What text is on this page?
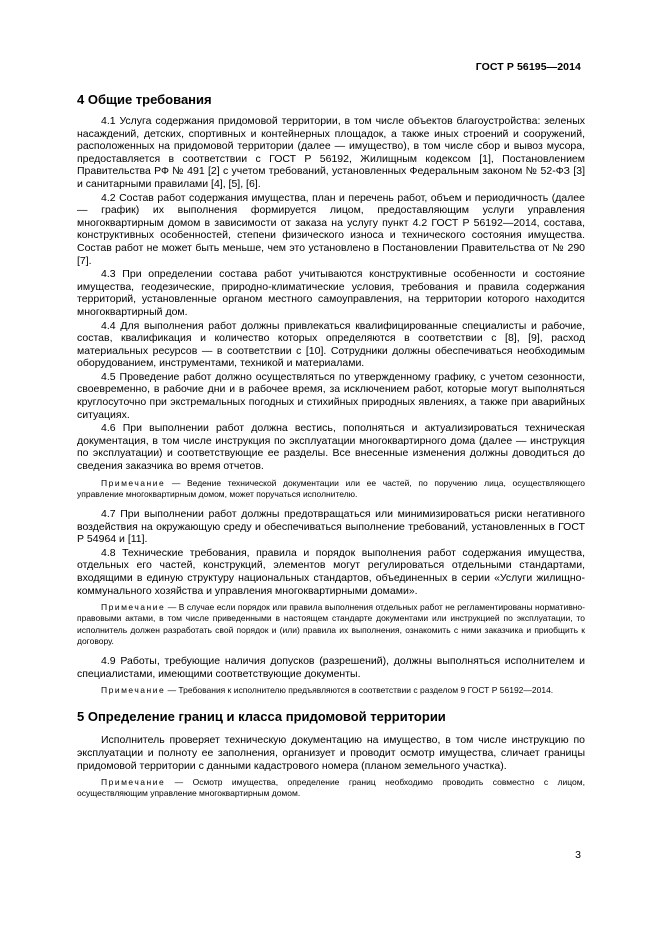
ГОСТ Р 56195—2014
4 Общие требования

4.1 Услуга содержания придомовой территории, в том числе объектов благоустройства: зеленых насаждений, детских, спортивных и контейнерных площадок, а также иных строений и сооружений, расположенных на придомовой территории (далее — имущество), в том числе сбор и вывоз мусора, предоставляется в соответствии с ГОСТ Р 56192, Жилищным кодексом [1], Постановлением Правительства РФ № 491 [2] с учетом требований, установленных Федеральным законом № 52-ФЗ [3] и санитарными правилами [4], [5], [6].

4.2 Состав работ содержания имущества, план и перечень работ, объем и периодичность (далее — график) их выполнения формируется лицом, предоставляющим услуги управления многоквартирным домом в зависимости от заказа на услугу пункт 4.2 ГОСТ Р 56192—2014, состава, конструктивных особенностей, степени физического износа и технического состояния имущества. Состав работ не может быть меньше, чем это установлено в Постановлении Правительства от № 290 [7].

4.3 При определении состава работ учитываются конструктивные особенности и состояние имущества, геодезические, природно-климатические условия, требования и правила содержания территорий, установленные органом местного самоуправления, на территории которого находится многоквартирный дом.

4.4 Для выполнения работ должны привлекаться квалифицированные специалисты и рабочие, состав, квалификация и количество которых определяются в соответствии с [8], [9], расход материальных ресурсов — в соответствии с [10]. Сотрудники должны обеспечиваться необходимым оборудованием, инструментами, техникой и материалами.

4.5 Проведение работ должно осуществляться по утвержденному графику, с учетом сезонности, своевременно, в рабочие дни и в рабочее время, за исключением работ, которые могут выполняться круглосуточно при экстремальных погодных и стихийных природных явлениях, а также при аварийных ситуациях.

4.6 При выполнении работ должна вестись, пополняться и актуализироваться техническая документация, в том числе инструкция по эксплуатации многоквартирного дома (далее — инструкция по эксплуатации) и соответствующие ее разделы. Все внесенные изменения должны доводиться до сведения заказчика во время отчетов.

Примечание — Ведение технической документации или ее частей, по поручению лица, осуществляющего управление многоквартирным домом, может поручаться исполнителю.

4.7 При выполнении работ должны предотвращаться или минимизироваться риски негативного воздействия на окружающую среду и обеспечиваться выполнение требований, установленных в ГОСТ Р 54964 и [11].

4.8 Технические требования, правила и порядок выполнения работ содержания имущества, отдельных его частей, конструкций, элементов могут регулироваться отдельными стандартами, входящими в единую структуру национальных стандартов, объединенных в серии «Услуги жилищно-коммунального хозяйства и управления многоквартирными домами».

Примечание — В случае если порядок или правила выполнения отдельных работ не регламентированы нормативно-правовыми актами, в том числе приведенными в настоящем стандарте документами или инструкцией по эксплуатации, то исполнитель должен разработать свой порядок и (или) правила их выполнения, ознакомить с ними заказчика и приобщить к договору.

4.9 Работы, требующие наличия допусков (разрешений), должны выполняться исполнителем и специалистами, имеющими соответствующие документы.

Примечание — Требования к исполнителю предъявляются в соответствии с разделом 9 ГОСТ Р 56192—2014.

5 Определение границ и класса придомовой территории

Исполнитель проверяет техническую документацию на имущество, в том числе инструкцию по эксплуатации и полноту ее заполнения, организует и проводит осмотр имущества, сличает границы придомовой территории с данными кадастрового номера (планом земельного участка).

Примечание — Осмотр имущества, определение границ необходимо проводить совместно с лицом, осуществляющим управление многоквартирным домом.

3
